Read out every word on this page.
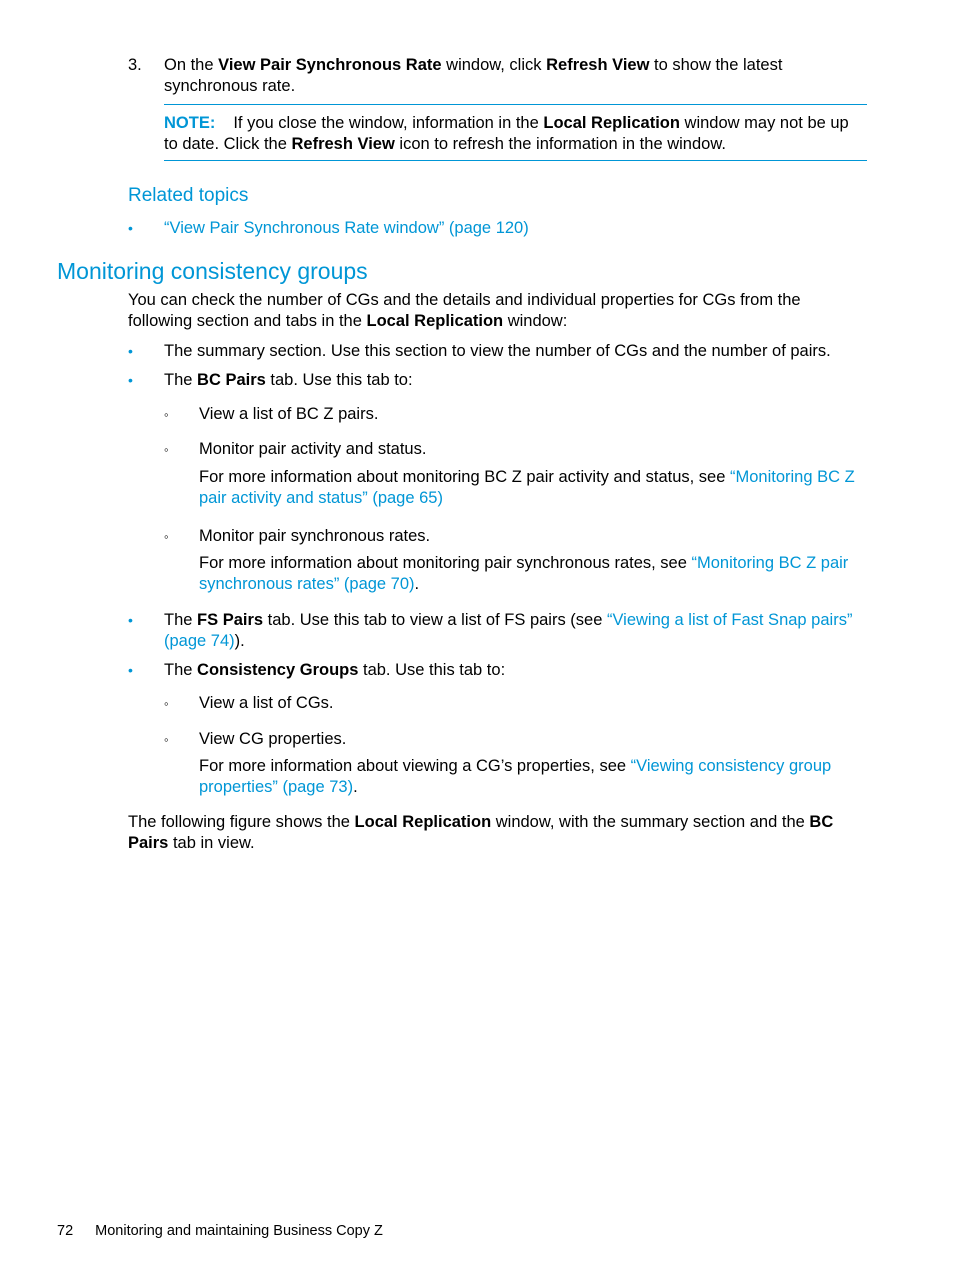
3. On the View Pair Synchronous Rate window, click Refresh View to show the latest synchronous rate.
NOTE: If you close the window, information in the Local Replication window may not be up to date. Click the Refresh View icon to refresh the information in the window.
Related topics
• “View Pair Synchronous Rate window” (page 120)
Monitoring consistency groups
You can check the number of CGs and the details and individual properties for CGs from the following section and tabs in the Local Replication window:
• The summary section. Use this section to view the number of CGs and the number of pairs.
• The BC Pairs tab. Use this tab to:
◦ View a list of BC Z pairs.
◦ Monitor pair activity and status.
For more information about monitoring BC Z pair activity and status, see “Monitoring BC Z pair activity and status” (page 65)
◦ Monitor pair synchronous rates.
For more information about monitoring pair synchronous rates, see “Monitoring BC Z pair synchronous rates” (page 70).
• The FS Pairs tab. Use this tab to view a list of FS pairs (see “Viewing a list of Fast Snap pairs” (page 74)).
• The Consistency Groups tab. Use this tab to:
◦ View a list of CGs.
◦ View CG properties.
For more information about viewing a CG’s properties, see “Viewing consistency group properties” (page 73).
The following figure shows the Local Replication window, with the summary section and the BC Pairs tab in view.
72 Monitoring and maintaining Business Copy Z
